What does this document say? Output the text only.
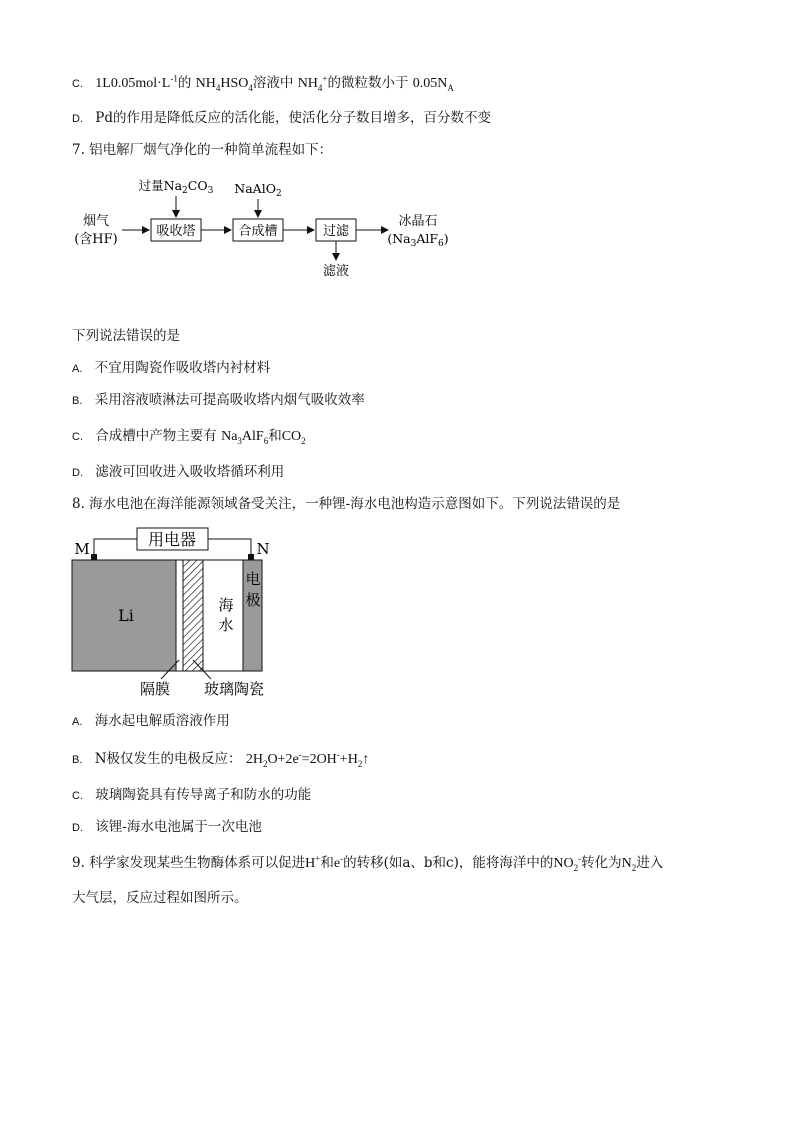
C. $1L0.05mol\cdot L^{-1}$的 $NH_4HSO_4$溶液中 $NH_4^+$的微粒数小于 $0.05N_A$
D. Pd的作用是降低反应的活化能，使活化分子数目增多，百分数不变
7. 铝电解厂烟气净化的一种简单流程如下：
烟气
(含HF)
过量$Na_2CO_3$ NaAlO$_2$
吸收塔	合成槽	过滤
冰晶石
$(Na_3AlF_6)$
滤液
下列说法错误的是
A. 不宜用陶瓷作吸收塔内衬材料
B. 采用溶液喷淋法可提高吸收塔内烟气吸收效率
C. 合成槽中产物主要有 $Na_3AlF_6$和$CO_2$
D. 滤液可回收进入吸收塔循环利用
8. 海水电池在海洋能源领域备受关注，一种锂-海水电池构造示意图如下。下列说法错误的是
用电器
M	N
Li
海
水
电
极
隔膜 玻璃陶瓷
A. 海水起电解质溶液作用
B. N极仅发生的电极反应： $2H_2O+2e^-=2OH^-+H_2↑$
C. 玻璃陶瓷具有传导离子和防水的功能
D. 该锂-海水电池属于一次电池
9. 科学家发现某些生物酶体系可以促进H+和e-的转移(如a、b和c)，能将海洋中的$NO_2^-$转化为$N_2$进入
大气层，反应过程如图所示。
